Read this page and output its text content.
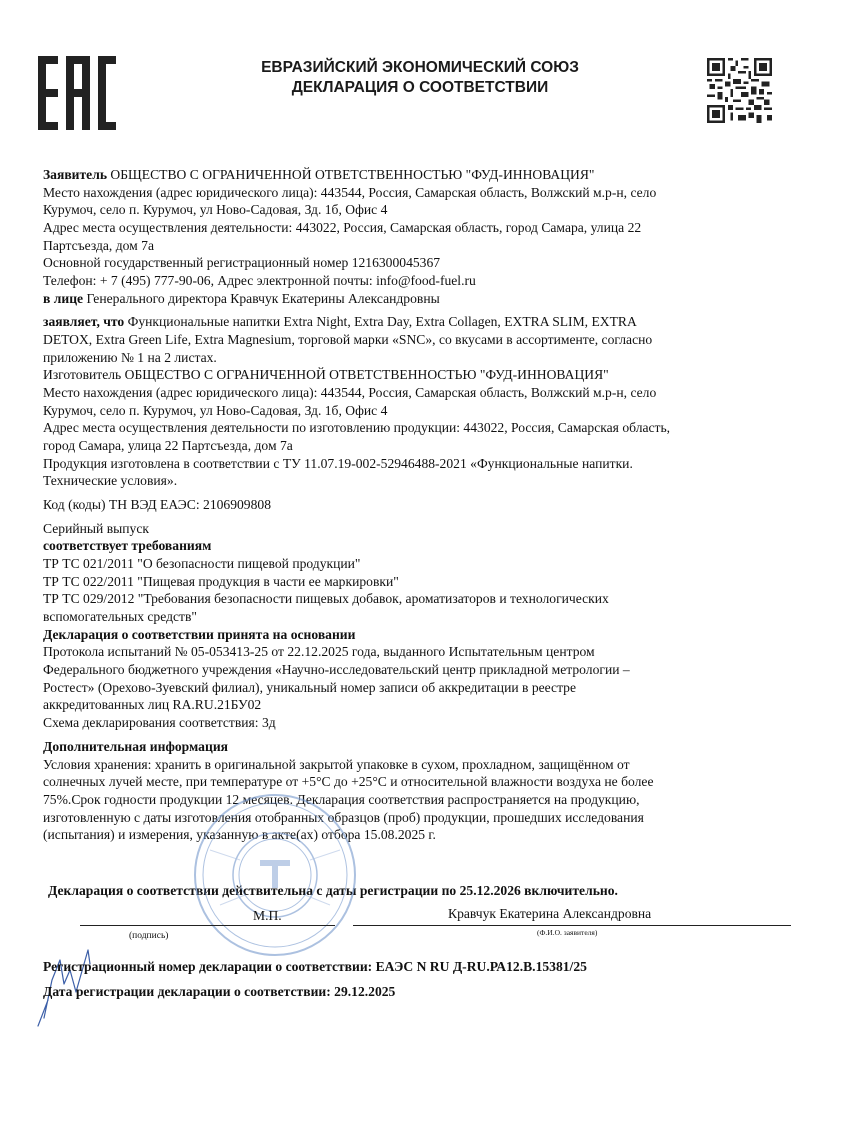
ЕВРАЗИЙСКИЙ ЭКОНОМИЧЕСКИЙ СОЮЗ
ДЕКЛАРАЦИЯ О СООТВЕТСТВИИ
Заявитель ОБЩЕСТВО С ОГРАНИЧЕННОЙ ОТВЕТСТВЕННОСТЬЮ "ФУД-ИННОВАЦИЯ"
Место нахождения (адрес юридического лица): 443544, Россия, Самарская область, Волжский м.р-н, село
Курумоч, село п. Курумоч, ул Ново-Садовая, Зд. 1б, Офис 4
Адрес места осуществления деятельности: 443022, Россия, Самарская область, город Самара, улица 22
Партсъезда, дом 7а
Основной государственный регистрационный номер 1216300045367
Телефон: + 7 (495) 777-90-06, Адрес электронной почты: info@food-fuel.ru
в лице Генерального директора Кравчук Екатерины Александровны
заявляет, что Функциональные напитки Extra Night, Extra Day, Extra Collagen, EXTRA SLIM, EXTRA
DETOX, Extra Green Life, Extra Magnesium, торговой марки «SNC», со вкусами в ассортименте, согласно
приложению № 1 на 2 листах.
Изготовитель ОБЩЕСТВО С ОГРАНИЧЕННОЙ ОТВЕТСТВЕННОСТЬЮ "ФУД-ИННОВАЦИЯ"
Место нахождения (адрес юридического лица): 443544, Россия, Самарская область, Волжский м.р-н, село
Курумоч, село п. Курумоч, ул Ново-Садовая, Зд. 1б, Офис 4
Адрес места осуществления деятельности по изготовлению продукции: 443022, Россия, Самарская область,
город Самара, улица 22 Партсъезда, дом 7а
Продукция изготовлена в соответствии с ТУ 11.07.19-002-52946488-2021 «Функциональные напитки.
Технические условия».
Код (коды) ТН ВЭД ЕАЭС: 2106909808
Серийный выпуск
соответствует требованиям
ТР ТС 021/2011 "О безопасности пищевой продукции"
ТР ТС 022/2011 "Пищевая продукция в части ее маркировки"
ТР ТС 029/2012 "Требования безопасности пищевых добавок, ароматизаторов и технологических
вспомогательных средств"
Декларация о соответствии принята на основании
Протокола испытаний № 05-053413-25 от 22.12.2025 года, выданного Испытательным центром
Федерального бюджетного учреждения «Научно-исследовательский центр прикладной метрологии –
Ростест» (Орехово-Зуевский филиал), уникальный номер записи об аккредитации в реестре
аккредитованных лиц RA.RU.21БУ02
Схема декларирования соответствия: 3д
Дополнительная информация
Условия хранения: хранить в оригинальной закрытой упаковке в сухом, прохладном, защищённом от
солнечных лучей месте, при температуре от +5°С до +25°С и относительной влажности воздуха не более
75%.Срок годности продукции 12 месяцев. Декларация соответствия распространяется на продукцию,
изготовленную с даты изготовления отобранных образцов (проб) продукции, прошедших исследования
(испытания) и измерения, указанную в акте(ах) отбора 15.08.2025 г.
Декларация о соответствии действительна с даты регистрации по 25.12.2026 включительно.
М.П.	Кравчук Екатерина Александровна
(подпись)	(Ф.И.О. заявителя)
Регистрационный номер декларации о соответствии: ЕАЭС N RU Д-RU.РА12.В.15381/25
Дата регистрации декларации о соответствии: 29.12.2025
